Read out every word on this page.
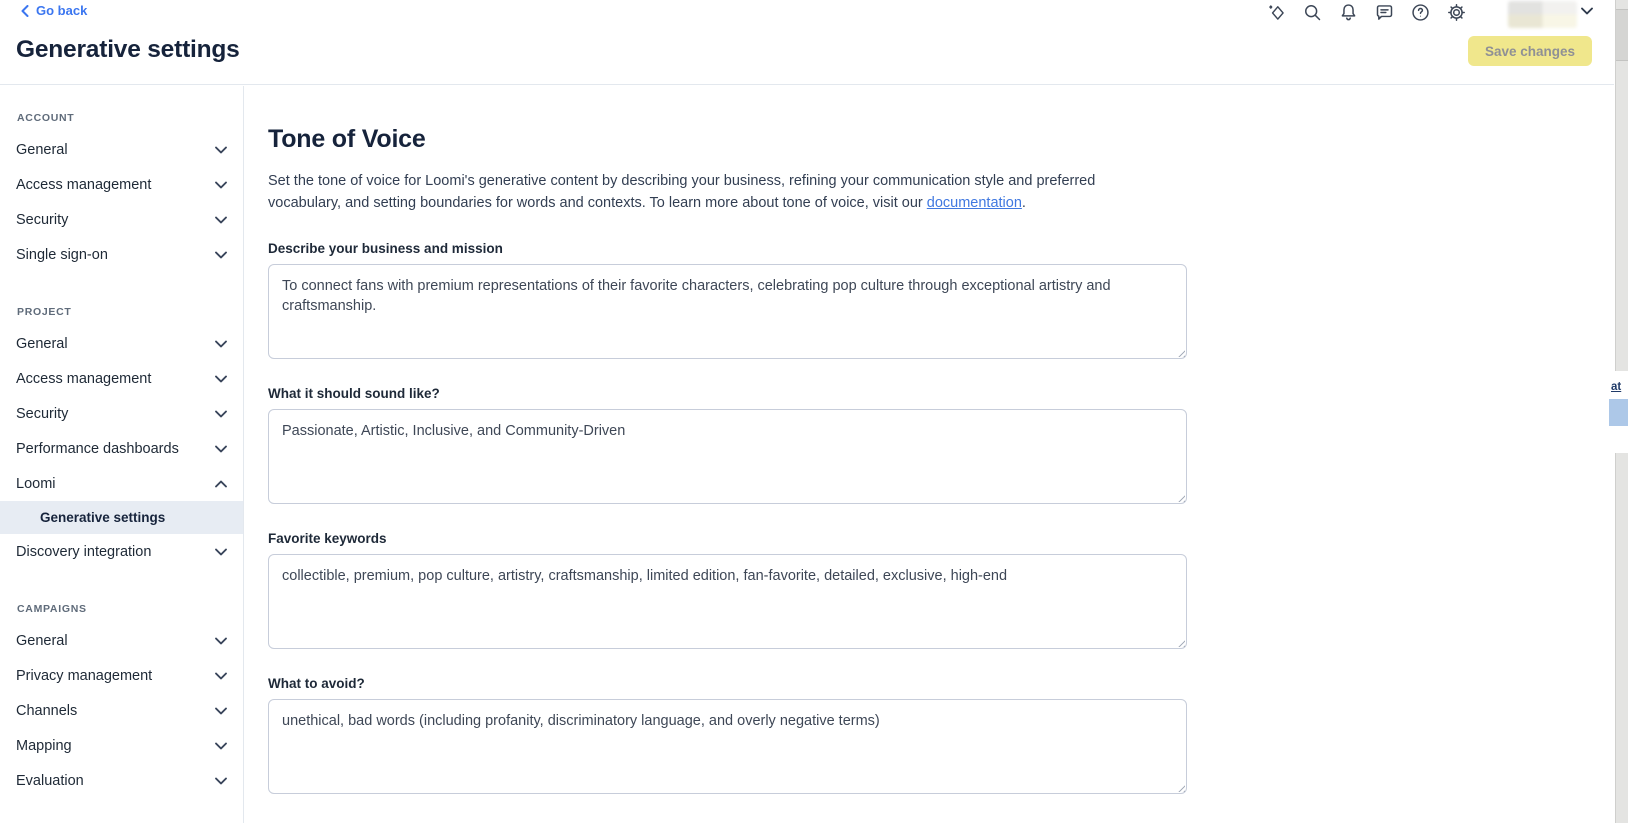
Go back
Generative settings	Save changes
ACCOUNT
General
Access management
Security
Single sign-on
PROJECT
General
Access management
Security
Performance dashboards
Loomi
Generative settings
Discovery integration
CAMPAIGNS
General
Privacy management
Channels
Mapping
Evaluation
Tone of Voice

Set the tone of voice for Loomi's generative content by describing your business, refining your communication style and preferred vocabulary, and setting boundaries for words and contexts. To learn more about tone of voice, visit our documentation.

Describe your business and mission
To connect fans with premium representations of their favorite characters, celebrating pop culture through exceptional artistry and craftsmanship.
What it should sound like?
Passionate, Artistic, Inclusive, and Community-Driven
Favorite keywords
collectible, premium, pop culture, artistry, craftsmanship, limited edition, fan-favorite, detailed, exclusive, high-end
What to avoid?
unethical, bad words (including profanity, discriminatory language, and overly negative terms)
at
